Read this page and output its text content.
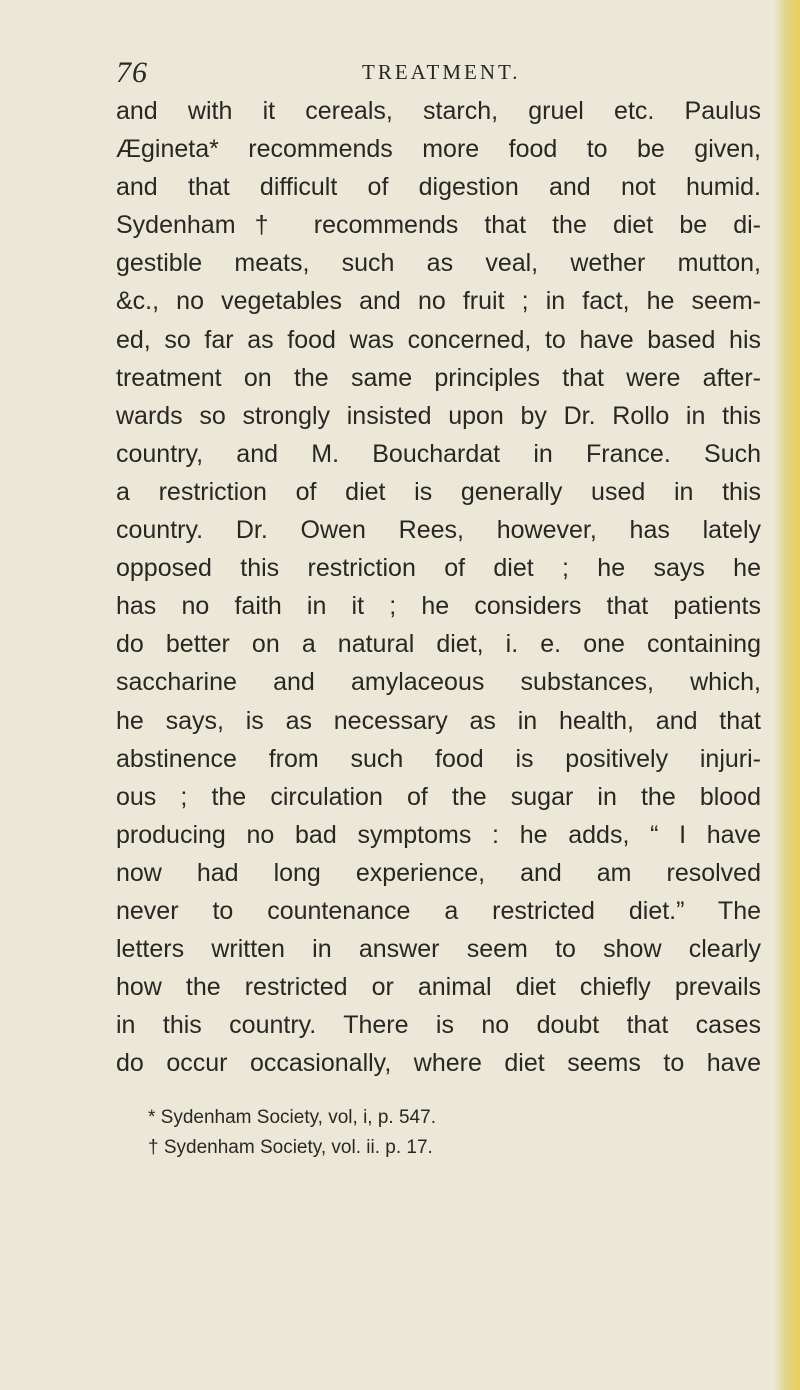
76	TREATMENT.
and with it cereals, starch, gruel etc. Paulus
Ægineta* recommends more food to be given,
and that difficult of digestion and not humid.
Sydenham† recommends that the diet be di-
gestible meats, such as veal, wether mutton,
&c., no vegetables and no fruit ; in fact, he seem-
ed, so far as food was concerned, to have based his
treatment on the same principles that were after-
wards so strongly insisted upon by Dr. Rollo in this
country, and M. Bouchardat in France. Such
a restriction of diet is generally used in this
country. Dr. Owen Rees, however, has lately
opposed this restriction of diet ; he says he
has no faith in it ; he considers that patients
do better on a natural diet, i. e. one containing
saccharine and amylaceous substances, which,
he says, is as necessary as in health, and that
abstinence from such food is positively injuri-
ous ; the circulation of the sugar in the blood
producing no bad symptoms : he adds, “ I have
now had long experience, and am resolved
never to countenance a restricted diet.” The
letters written in answer seem to show clearly
how the restricted or animal diet chiefly prevails
in this country. There is no doubt that cases
do occur occasionally, where diet seems to have
* Sydenham Society, vol, i, p. 547.
† Sydenham Society, vol. ii. p. 17.
